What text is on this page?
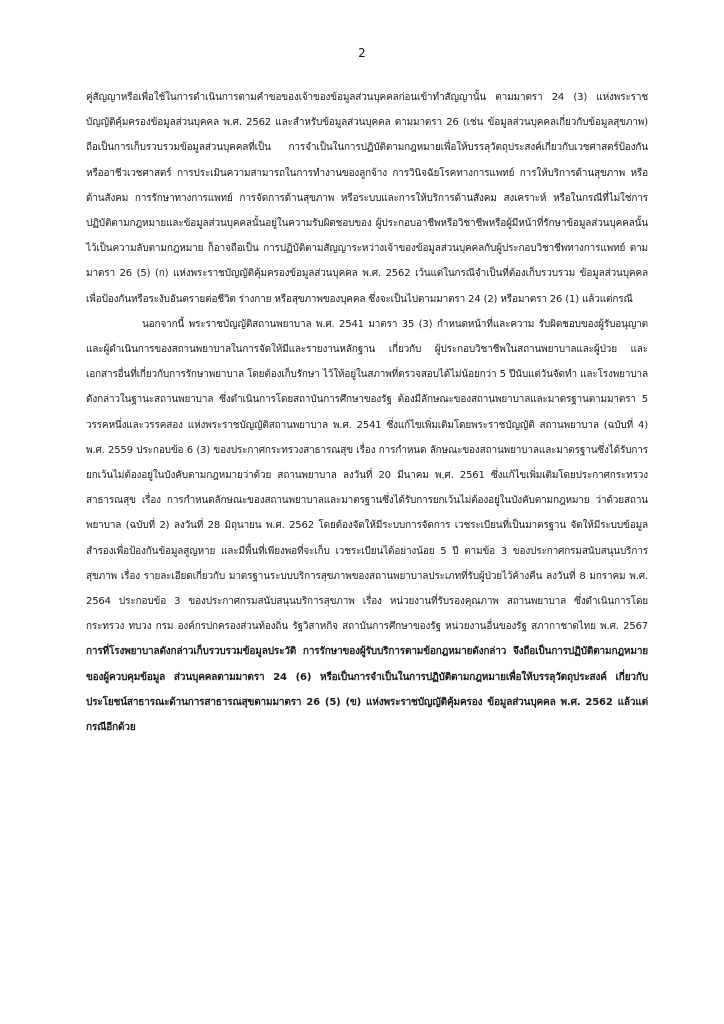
2

คู่สัญญาหรือเพื่อใช้ในการดำเนินการตามคำขอของเจ้าของข้อมูลส่วนบุคคลก่อนเข้าทำสัญญานั้น ตามมาตรา 24 (3) แห่งพระราชบัญญัติคุ้มครองข้อมูลส่วนบุคคล พ.ศ. 2562 และสำหรับข้อมูลส่วนบุคคล ตามมาตรา 26 (เช่น ข้อมูลส่วนบุคคลเกี่ยวกับข้อมูลสุขภาพ) ถือเป็นการเก็บรวบรวมข้อมูลส่วนบุคคลที่เป็น การจำเป็นในการปฏิบัติตามกฎหมายเพื่อให้บรรลุวัตถุประสงค์เกี่ยวกับเวชศาสตร์ป้องกันหรืออาชีวเวชศาสตร์ การประเมินความสามารถในการทำงานของลูกจ้าง การวินิจฉัยโรคทางการแพทย์ การให้บริการด้านสุขภาพ หรือด้านสังคม การรักษาทางการแพทย์ การจัดการด้านสุขภาพ หรือระบบและการให้บริการด้านสังคม สงเคราะห์ หรือในกรณีที่ไม่ใช่การปฏิบัติตามกฎหมายและข้อมูลส่วนบุคคลนั้นอยู่ในความรับผิดชอบของ ผู้ประกอบอาชีพหรือวิชาชีพหรือผู้มีหน้าที่รักษาข้อมูลส่วนบุคคลนั้นไว้เป็นความลับตามกฎหมาย ก็อาจถือเป็น การปฏิบัติตามสัญญาระหว่างเจ้าของข้อมูลส่วนบุคคลกับผู้ประกอบวิชาชีพทางการแพทย์ ตามมาตรา 26 (5) (ก) แห่งพระราชบัญญัติคุ้มครองข้อมูลส่วนบุคคล พ.ศ. 2562 เว้นแต่ในกรณีจำเป็นที่ต้องเก็บรวบรวม ข้อมูลส่วนบุคคลเพื่อป้องกันหรือระงับอันตรายต่อชีวิต ร่างกาย หรือสุขภาพของบุคคล ซึ่งจะเป็นไปตามมาตรา 24 (2) หรือมาตรา 26 (1) แล้วแต่กรณี

นอกจากนี้ พระราชบัญญัติสถานพยาบาล พ.ศ. 2541 มาตรา 35 (3) กำหนดหน้าที่และความ รับผิดชอบของผู้รับอนุญาตและผู้ดำเนินการของสถานพยาบาลในการจัดให้มีและรายงานหลักฐาน เกี่ยวกับ ผู้ประกอบวิชาชีพในสถานพยาบาลและผู้ป่วย และเอกสารอื่นที่เกี่ยวกับการรักษาพยาบาล โดยต้องเก็บรักษา ไว้ให้อยู่ในสภาพที่ตรวจสอบได้ไม่น้อยกว่า 5 ปีนับแต่วันจัดทำ และโรงพยาบาลดังกล่าวในฐานะสถานพยาบาล ซึ่งดำเนินการโดยสถาบันการศึกษาของรัฐ ต้องมีลักษณะของสถานพยาบาลและมาตรฐานตามมาตรา 5 วรรคหนึ่งและวรรคสอง แห่งพระราชบัญญัติสถานพยาบาล พ.ศ. 2541 ซึ่งแก้ไขเพิ่มเติมโดยพระราชบัญญัติ สถานพยาบาล (ฉบับที่ 4) พ.ศ. 2559 ประกอบข้อ 6 (3) ของประกาศกระทรวงสาธารณสุข เรื่อง การกำหนด ลักษณะของสถานพยาบาลและมาตรฐานซึ่งได้รับการยกเว้นไม่ต้องอยู่ในบังคับตามกฎหมายว่าด้วย สถานพยาบาล ลงวันที่ 20 มีนาคม พ.ศ. 2561 ซึ่งแก้ไขเพิ่มเติมโดยประกาศกระทรวงสาธารณสุข เรื่อง การกำหนดลักษณะของสถานพยาบาลและมาตรฐานซึ่งได้รับการยกเว้นไม่ต้องอยู่ในบังคับตามกฎหมาย ว่าด้วยสถานพยาบาล (ฉบับที่ 2) ลงวันที่ 28 มิถุนายน พ.ศ. 2562 โดยต้องจัดให้มีระบบการจัดการ เวชระเบียนที่เป็นมาตรฐาน จัดให้มีระบบข้อมูลสำรองเพื่อป้องกันข้อมูลสูญหาย และมีพื้นที่เพียงพอที่จะเก็บ เวชระเบียนได้อย่างน้อย 5 ปี ตามข้อ 3 ของประกาศกรมสนับสนุนบริการสุขภาพ เรื่อง รายละเอียดเกี่ยวกับ มาตรฐานระบบบริการสุขภาพของสถานพยาบาลประเภทที่รับผู้ป่วยไว้ค้างคืน ลงวันที่ 8 มกราคม พ.ศ. 2564 ประกอบข้อ 3 ของประกาศกรมสนับสนุนบริการสุขภาพ เรื่อง หน่วยงานที่รับรองคุณภาพ สถานพยาบาล ซึ่งดำเนินการโดยกระทรวง ทบวง กรม องค์กรปกครองส่วนท้องถิ่น รัฐวิสาหกิจ สถาบันการศึกษาของรัฐ หน่วยงานอื่นของรัฐ สภากาชาดไทย พ.ศ. 2567 การที่โรงพยาบาลดังกล่าวเก็บรวบรวมข้อมูลประวัติ การรักษาของผู้รับบริการตามข้อกฎหมายดังกล่าว จึงถือเป็นการปฏิบัติตามกฎหมายของผู้ควบคุมข้อมูล ส่วนบุคคลตามมาตรา 24 (6) หรือเป็นการจำเป็นในการปฏิบัติตามกฎหมายเพื่อให้บรรลุวัตถุประสงค์ เกี่ยวกับประโยชน์สาธารณะด้านการสาธารณสุขตามมาตรา 26 (5) (ข) แห่งพระราชบัญญัติคุ้มครอง ข้อมูลส่วนบุคคล พ.ศ. 2562 แล้วแต่กรณีอีกด้วย
